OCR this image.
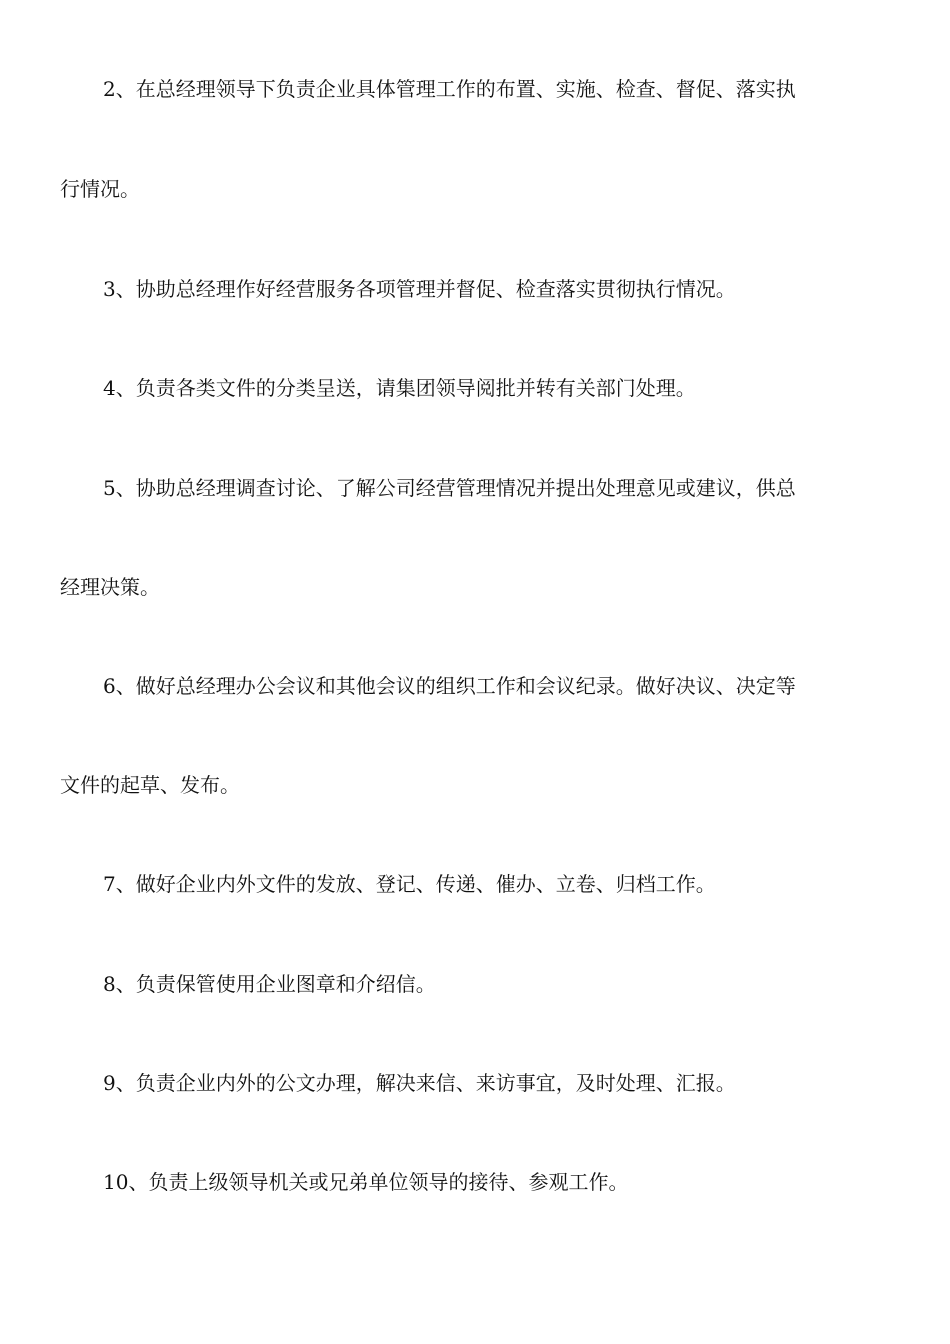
2、在总经理领导下负责企业具体管理工作的布置、实施、检查、督促、落实执
行情况。
3、协助总经理作好经营服务各项管理并督促、检查落实贯彻执行情况。
4、负责各类文件的分类呈送，请集团领导阅批并转有关部门处理。
5、协助总经理调查讨论、了解公司经营管理情况并提出处理意见或建议，供总
经理决策。
6、做好总经理办公会议和其他会议的组织工作和会议纪录。做好决议、决定等
文件的起草、发布。
7、做好企业内外文件的发放、登记、传递、催办、立卷、归档工作。
8、负责保管使用企业图章和介绍信。
9、负责企业内外的公文办理，解决来信、来访事宜，及时处理、汇报。
10、负责上级领导机关或兄弟单位领导的接待、参观工作。
